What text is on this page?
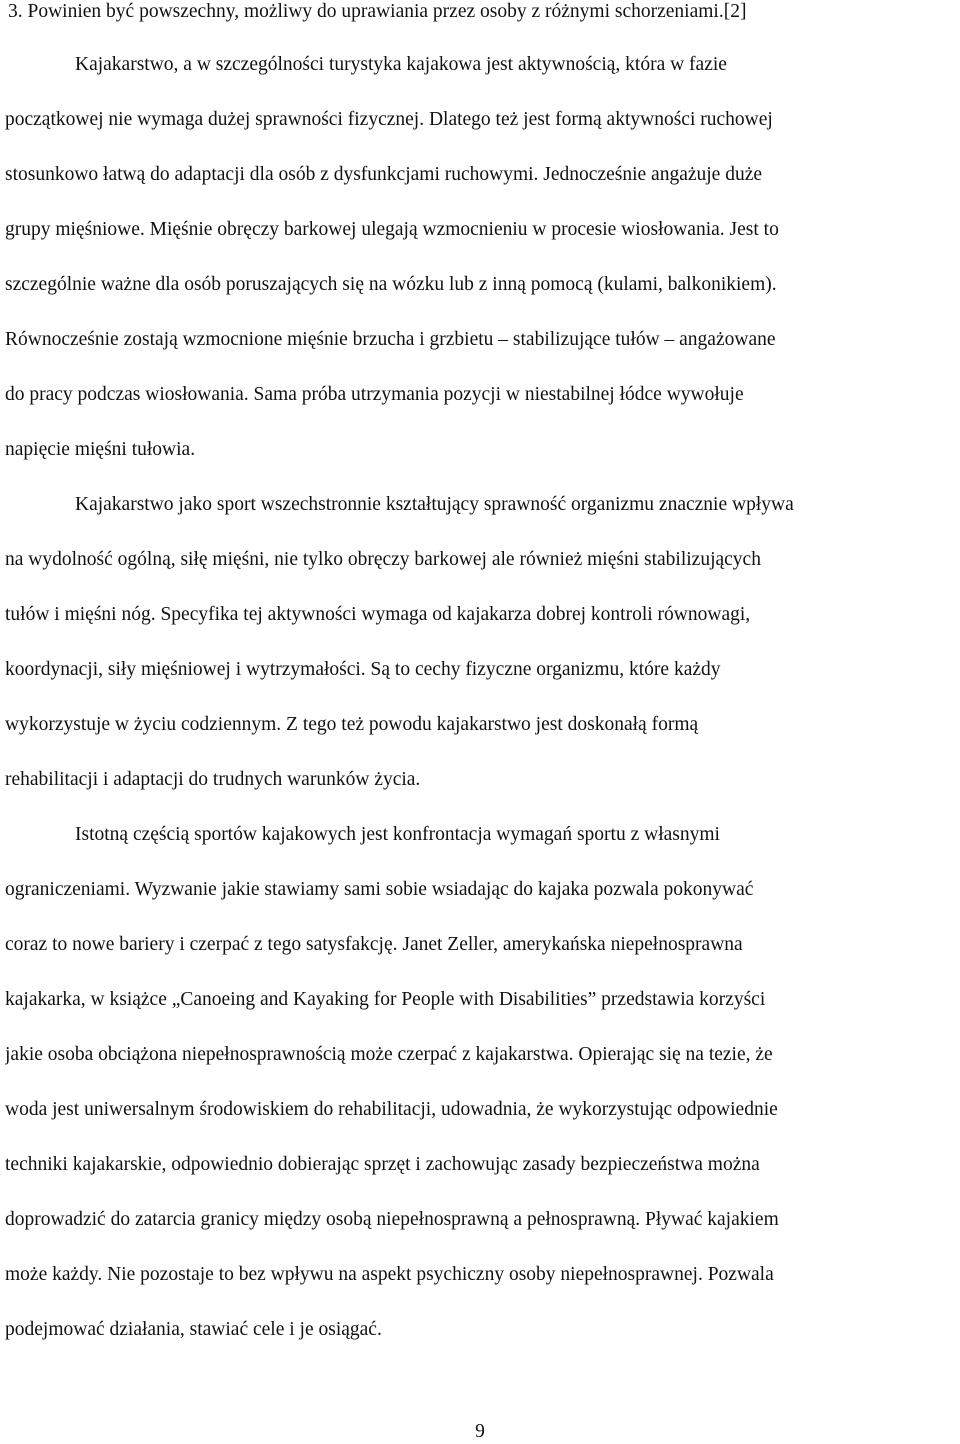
3. Powinien być powszechny, możliwy do uprawiania przez osoby z różnymi schorzeniami.[2]
Kajakarstwo, a w szczególności turystyka kajakowa jest aktywnością, która w fazie
początkowej nie wymaga dużej sprawności fizycznej. Dlatego też jest formą aktywności ruchowej
stosunkowo łatwą do adaptacji dla osób z dysfunkcjami ruchowymi. Jednocześnie angażuje duże
grupy mięśniowe. Mięśnie obręczy barkowej ulegają wzmocnieniu w procesie wiosłowania. Jest to
szczególnie ważne dla osób poruszających się na wózku lub z inną pomocą (kulami, balkonikiem).
Równocześnie zostają wzmocnione mięśnie brzucha i grzbietu – stabilizujące tułów – angażowane
do pracy podczas wiosłowania. Sama próba utrzymania pozycji w niestabilnej łódce wywołuje
napięcie mięśni tułowia.
Kajakarstwo jako sport wszechstronnie kształtujący sprawność organizmu znacznie wpływa
na wydolność ogólną, siłę mięśni, nie tylko obręczy barkowej ale również mięśni stabilizujących
tułów i mięśni nóg. Specyfika tej aktywności wymaga od kajakarza dobrej kontroli równowagi,
koordynacji, siły mięśniowej i wytrzymałości. Są to cechy fizyczne organizmu, które każdy
wykorzystuje w życiu codziennym. Z tego też powodu kajakarstwo jest doskonałą formą
rehabilitacji i adaptacji do trudnych warunków życia.
Istotną częścią sportów kajakowych jest konfrontacja wymagań sportu z własnymi
ograniczeniami. Wyzwanie jakie stawiamy sami sobie wsiadając do kajaka pozwala pokonywać
coraz to nowe bariery i czerpać z tego satysfakcję. Janet Zeller, amerykańska niepełnosprawna
kajakarka, w książce „Canoeing and Kayaking for People with Disabilities” przedstawia korzyści
jakie osoba obciążona niepełnosprawnością może czerpać z kajakarstwa. Opierając się na tezie, że
woda jest uniwersalnym środowiskiem do rehabilitacji, udowadnia, że wykorzystując odpowiednie
techniki kajakarskie, odpowiednio dobierając sprzęt i zachowując zasady bezpieczeństwa można
doprowadzić do zatarcia granicy między osobą niepełnosprawną a pełnosprawną. Pływać kajakiem
może każdy. Nie pozostaje to bez wpływu na aspekt psychiczny osoby niepełnosprawnej. Pozwala
podejmować działania, stawiać cele i je osiągać.
9
